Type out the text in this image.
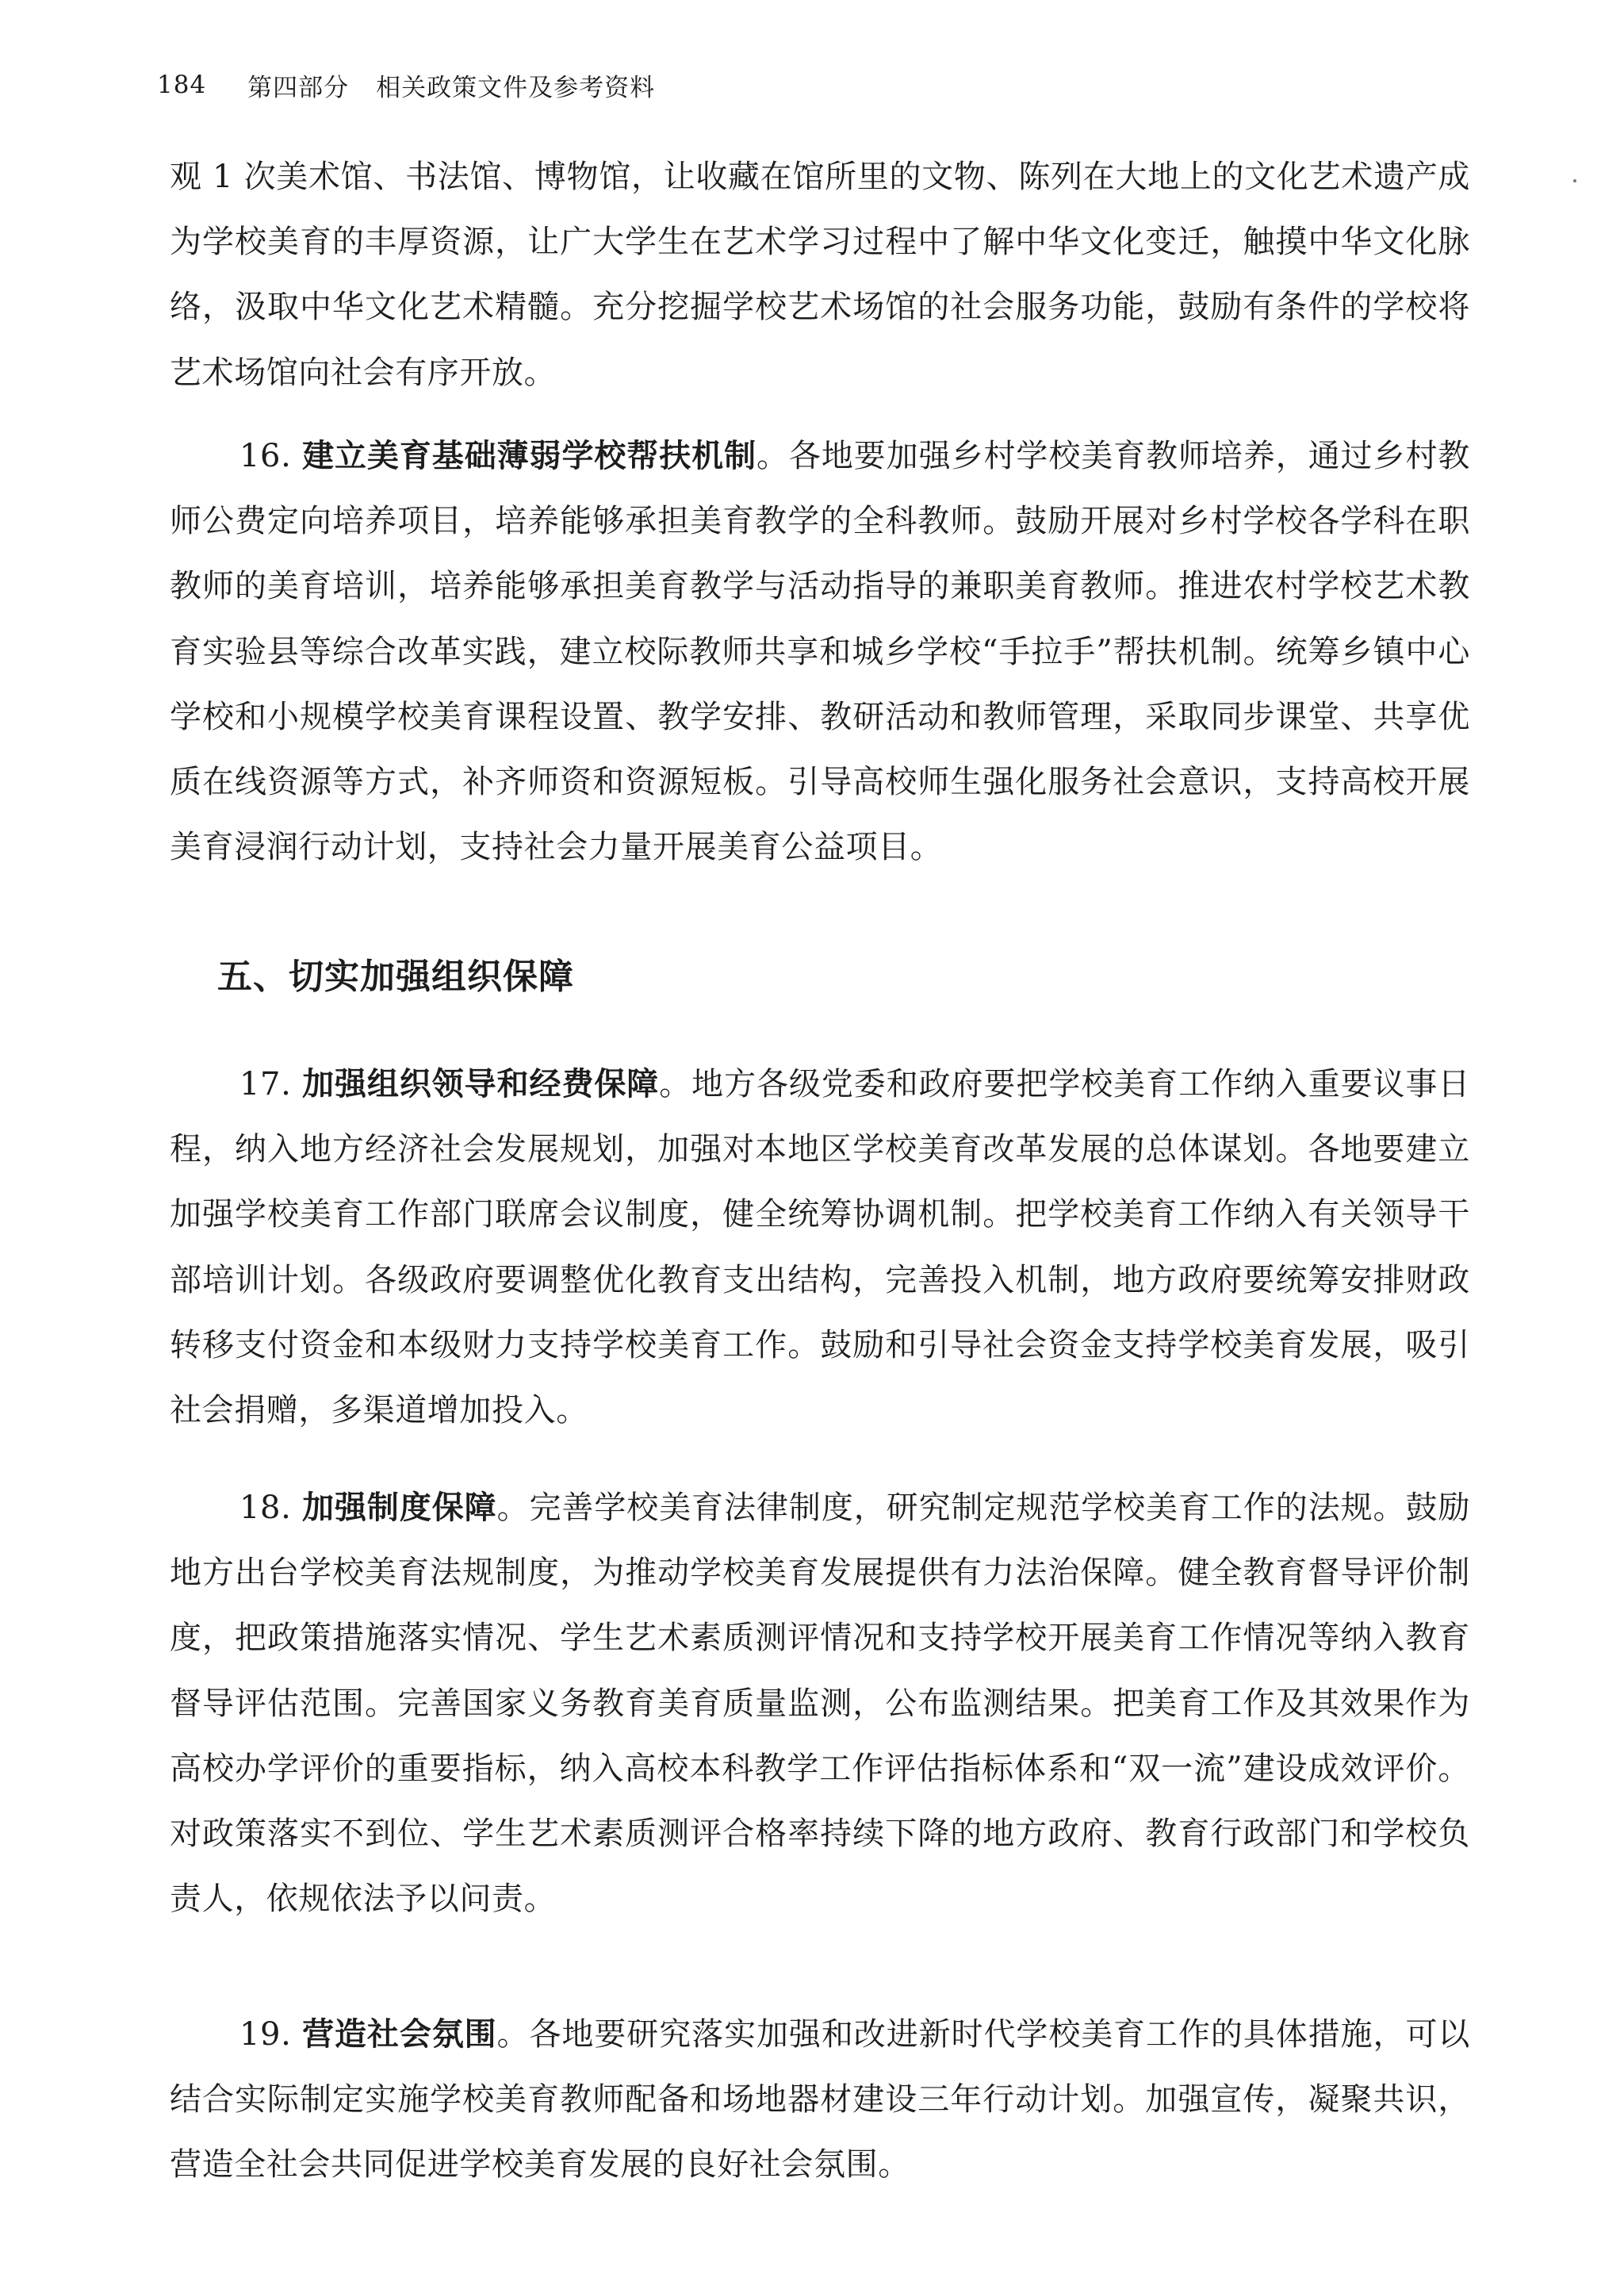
184 第四部分 相关政策文件及参考资料

观 1 次美术馆、书法馆、博物馆，让收藏在馆所里的文物、陈列在大地上的文化艺术遗产成为学校美育的丰厚资源，让广大学生在艺术学习过程中了解中华文化变迁，触摸中华文化脉络，汲取中华文化艺术精髓。充分挖掘学校艺术场馆的社会服务功能，鼓励有条件的学校将艺术场馆向社会有序开放。

16. 建立美育基础薄弱学校帮扶机制。各地要加强乡村学校美育教师培养，通过乡村教师公费定向培养项目，培养能够承担美育教学的全科教师。鼓励开展对乡村学校各学科在职教师的美育培训，培养能够承担美育教学与活动指导的兼职美育教师。推进农村学校艺术教育实验县等综合改革实践，建立校际教师共享和城乡学校“手拉手”帮扶机制。统筹乡镇中心学校和小规模学校美育课程设置、教学安排、教研活动和教师管理，采取同步课堂、共享优质在线资源等方式，补齐师资和资源短板。引导高校师生强化服务社会意识，支持高校开展美育浸润行动计划，支持社会力量开展美育公益项目。

五、切实加强组织保障

17. 加强组织领导和经费保障。地方各级党委和政府要把学校美育工作纳入重要议事日程，纳入地方经济社会发展规划，加强对本地区学校美育改革发展的总体谋划。各地要建立加强学校美育工作部门联席会议制度，健全统筹协调机制。把学校美育工作纳入有关领导干部培训计划。各级政府要调整优化教育支出结构，完善投入机制，地方政府要统筹安排财政转移支付资金和本级财力支持学校美育工作。鼓励和引导社会资金支持学校美育发展，吸引社会捐赠，多渠道增加投入。

18. 加强制度保障。完善学校美育法律制度，研究制定规范学校美育工作的法规。鼓励地方出台学校美育法规制度，为推动学校美育发展提供有力法治保障。健全教育督导评价制度，把政策措施落实情况、学生艺术素质测评情况和支持学校开展美育工作情况等纳入教育督导评估范围。完善国家义务教育美育质量监测，公布监测结果。把美育工作及其效果作为高校办学评价的重要指标，纳入高校本科教学工作评估指标体系和“双一流”建设成效评价。对政策落实不到位、学生艺术素质测评合格率持续下降的地方政府、教育行政部门和学校负责人，依规依法予以问责。

19. 营造社会氛围。各地要研究落实加强和改进新时代学校美育工作的具体措施，可以结合实际制定实施学校美育教师配备和场地器材建设三年行动计划。加强宣传，凝聚共识，营造全社会共同促进学校美育发展的良好社会氛围。
